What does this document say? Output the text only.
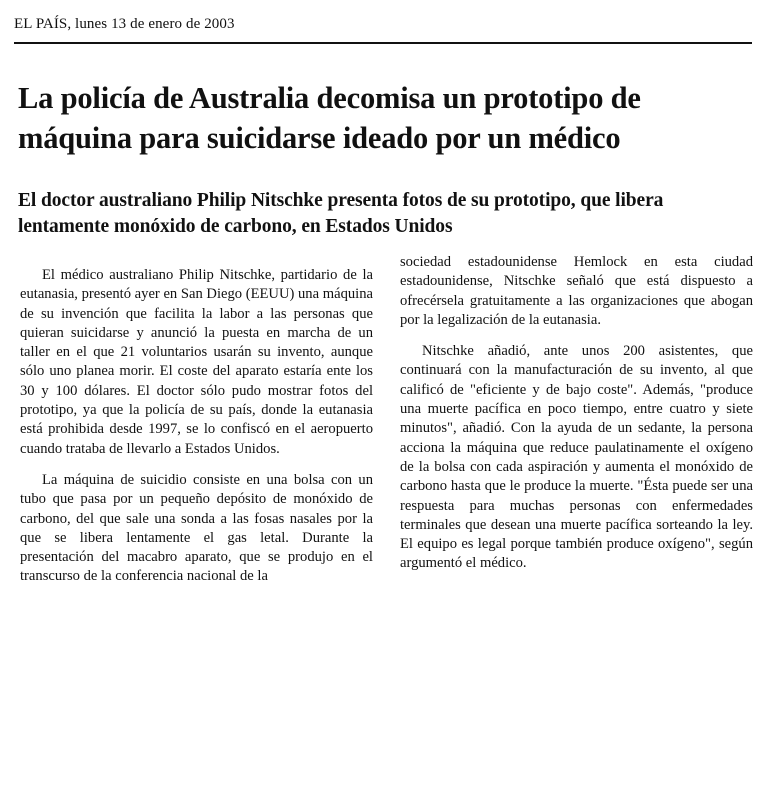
EL PAÍS, lunes 13 de enero de 2003
La policía de Australia decomisa un prototipo de máquina para suicidarse ideado por un médico
El doctor australiano Philip Nitschke presenta fotos de su prototipo, que libera lentamente monóxido de carbono, en Estados Unidos

El médico australiano Philip Nitschke, partidario de la eutanasia, presentó ayer en San Diego (EEUU) una máquina de su invención que facilita la labor a las personas que quieran suicidarse y anunció la puesta en marcha de un taller en el que 21 voluntarios usarán su invento, aunque sólo uno planea morir. El coste del aparato estaría ente los 30 y 100 dólares. El doctor sólo pudo mostrar fotos del prototipo, ya que la policía de su país, donde la eutanasia está prohibida desde 1997, se lo confiscó en el aeropuerto cuando trataba de llevarlo a Estados Unidos.

La máquina de suicidio consiste en una bolsa con un tubo que pasa por un pequeño depósito de monóxido de carbono, del que sale una sonda a las fosas nasales por la que se libera lentamente el gas letal. Durante la presentación del macabro aparato, que se produjo en el transcurso de la conferencia nacional de la

sociedad estadounidense Hemlock en esta ciudad estadounidense, Nitschke señaló que está dispuesto a ofrecérsela gratuitamente a las organizaciones que abogan por la legalización de la eutanasia.

Nitschke añadió, ante unos 200 asistentes, que continuará con la manufacturación de su invento, al que calificó de "eficiente y de bajo coste". Además, "produce una muerte pacífica en poco tiempo, entre cuatro y siete minutos", añadió. Con la ayuda de un sedante, la persona acciona la máquina que reduce paulatinamente el oxígeno de la bolsa con cada aspiración y aumenta el monóxido de carbono hasta que le produce la muerte. "Ésta puede ser una respuesta para muchas personas con enfermedades terminales que desean una muerte pacífica sorteando la ley. El equipo es legal porque también produce oxígeno", según argumentó el médico.
